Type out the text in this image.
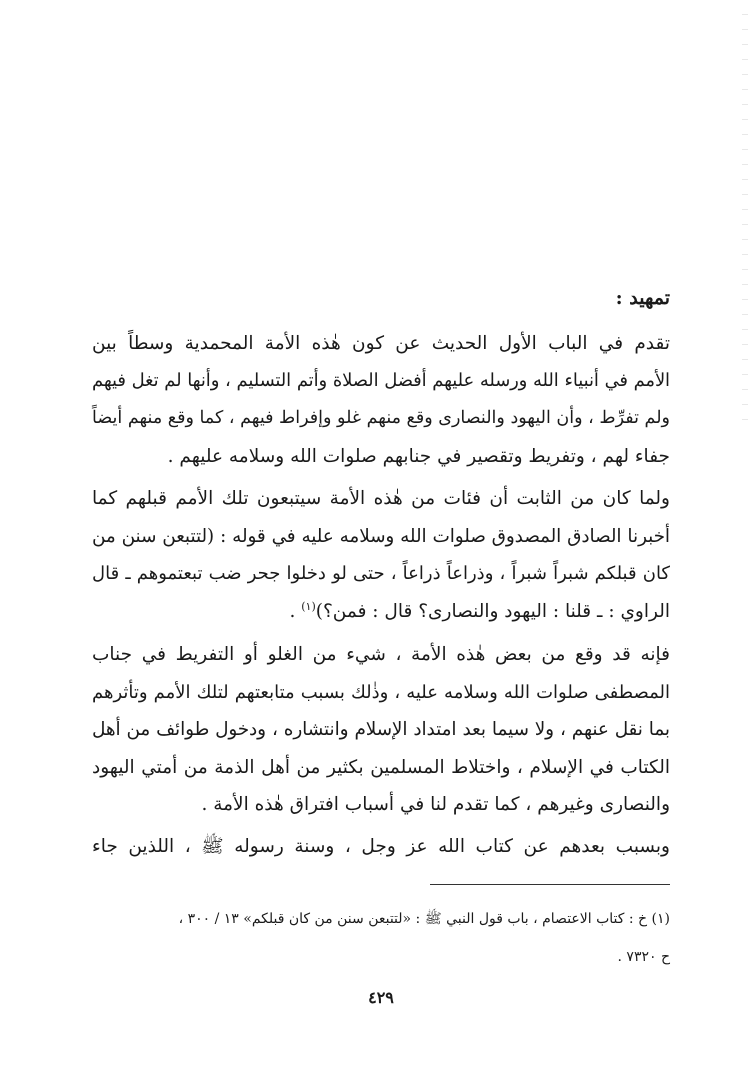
تمهيد :

تقدم في الباب الأول الحديث عن كون هٰذه الأمة المحمدية وسطاً بين
الأمم في أنبياء الله ورسله عليهم أفضل الصلاة وأتم التسليم ، وأنها لم تغل فيهم
ولم تفرِّط ، وأن اليهود والنصارى وقع منهم غلو وإفراط فيهم ، كما وقع منهم أيضاً
جفاء لهم ، وتفريط وتقصير في جنابهم صلوات الله وسلامه عليهم .

ولما كان من الثابت أن فئات من هٰذه الأمة سيتبعون تلك الأمم قبلهم كما
أخبرنا الصادق المصدوق صلوات الله وسلامه عليه في قوله : (لتتبعن سنن من
كان قبلكم شبراً شبراً ، وذراعاً ذراعاً ، حتى لو دخلوا جحر ضب تبعتموهم ـ قال
الراوي : ـ قلنا : اليهود والنصارى؟ قال : فمن؟)$^{(١)}$ .

فإنه قد وقع من بعض هٰذه الأمة ، شيء من الغلو أو التفريط في جناب
المصطفى صلوات الله وسلامه عليه ، وذٰلك بسبب متابعتهم لتلك الأمم وتأثرهم
بما نقل عنهم ، ولا سيما بعد امتداد الإسلام وانتشاره ، ودخول طوائف من أهل
الكتاب في الإسلام ، واختلاط المسلمين بكثير من أهل الذمة من أمتي اليهود
والنصارى وغيرهم ، كما تقدم لنا في أسباب افتراق هٰذه الأمة .

وبسبب بعدهم عن كتاب الله عز وجل ، وسنة رسوله ﷺ ، اللذين جاء

(١) خ : كتاب الاعتصام ، باب قول النبي ﷺ : «لتتبعن سنن من كان قبلكم» ١٣ / ٣٠٠ ،
ح ٧٣٢٠ .

٤٢٩
